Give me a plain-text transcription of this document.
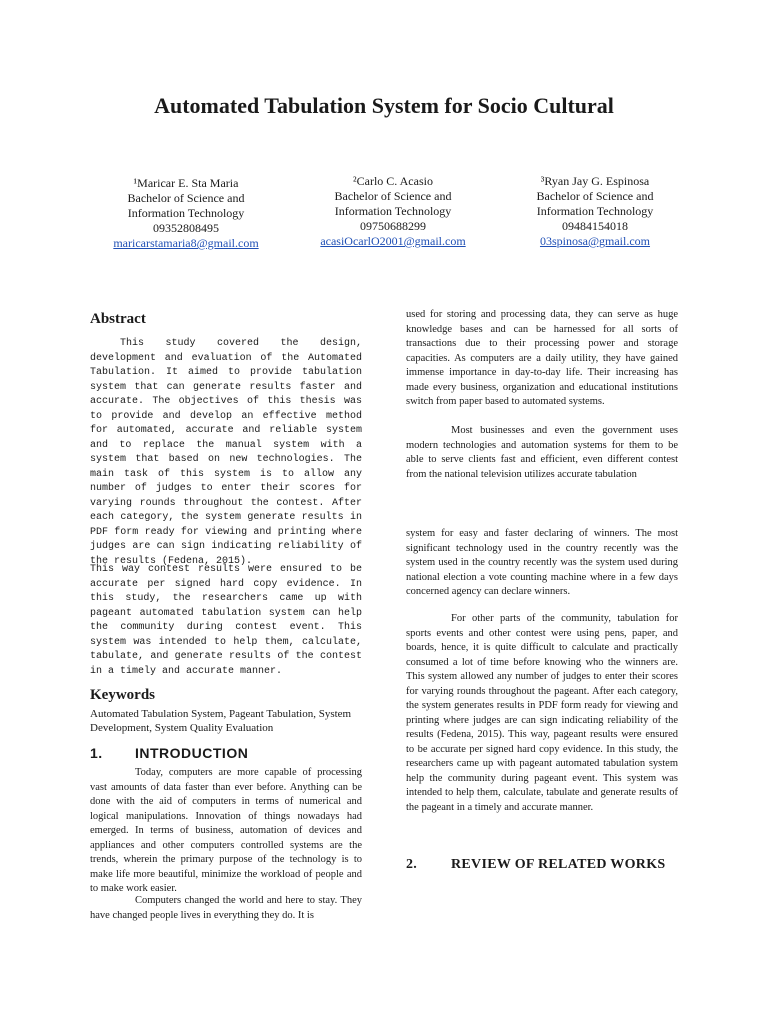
Automated Tabulation System for Socio Cultural
¹Maricar E. Sta Maria
Bachelor of Science and
Information Technology
09352808495
maricarstamaria8@gmail.com
²Carlo C. Acasio
Bachelor of Science and
Information Technology
09750688299
acasiOcarlO2001@gmail.com
³Ryan Jay G. Espinosa
Bachelor of Science and
Information Technology
09484154018
03spinosa@gmail.com
Abstract

This study covered the design, development and evaluation of the Automated Tabulation. It aimed to provide tabulation system that can generate results faster and accurate. The objectives of this thesis was to provide and develop an effective method for automated, accurate and reliable system and to replace the manual system with a system that based on new technologies. The main task of this system is to allow any number of judges to enter their scores for varying rounds throughout the contest. After each category, the system generate results in PDF form ready for viewing and printing where judges are can sign indicating reliability of the results (Fedena, 2015).

This way contest results were ensured to be accurate per signed hard copy evidence. In this study, the researchers came up with pageant automated tabulation system can help the community during contest event. This system was intended to help them, calculate, tabulate, and generate results of the contest in a timely and accurate manner.

Keywords
Automated Tabulation System, Pageant Tabulation, System Development, System Quality Evaluation
1. INTRODUCTION

Today, computers are more capable of processing vast amounts of data faster than ever before. Anything can be done with the aid of computers in terms of numerical and logical manipulations. Innovation of things nowadays had emerged. In terms of business, automation of devices and appliances and other computers controlled systems are the trends, wherein the primary purpose of the technology is to make life more beautiful, minimize the workload of people and to make work easier.

Computers changed the world and here to stay. They have changed people lives in everything they do. It is

used for storing and processing data, they can serve as huge knowledge bases and can be harnessed for all sorts of transactions due to their processing power and storage capacities. As computers are a daily utility, they have gained immense importance in day-to-day life. Their increasing has made every business, organization and educational institutions switch from paper based to automated systems.

Most businesses and even the government uses modern technologies and automation systems for them to be able to serve clients fast and efficient, even different contest from the national television utilizes accurate tabulation

system for easy and faster declaring of winners. The most significant technology used in the country recently was the system used in the country recently was the system used during national election a vote counting machine where in a few days concerned agency can declare winners.

For other parts of the community, tabulation for sports events and other contest were using pens, paper, and boards, hence, it is quite difficult to calculate and practically consumed a lot of time before knowing who the winners are. This system allowed any number of judges to enter their scores for varying rounds throughout the pageant. After each category, the system generates results in PDF form ready for viewing and printing where judges are can sign indicating reliability of the results (Fedena, 2015). This way, pageant results were ensured to be accurate per signed hard copy evidence. In this study, the researchers came up with pageant automated tabulation system help the community during pageant event. This system was intended to help them, calculate, tabulate and generate results of the pageant in a timely and accurate manner.

2. REVIEW OF RELATED WORKS
